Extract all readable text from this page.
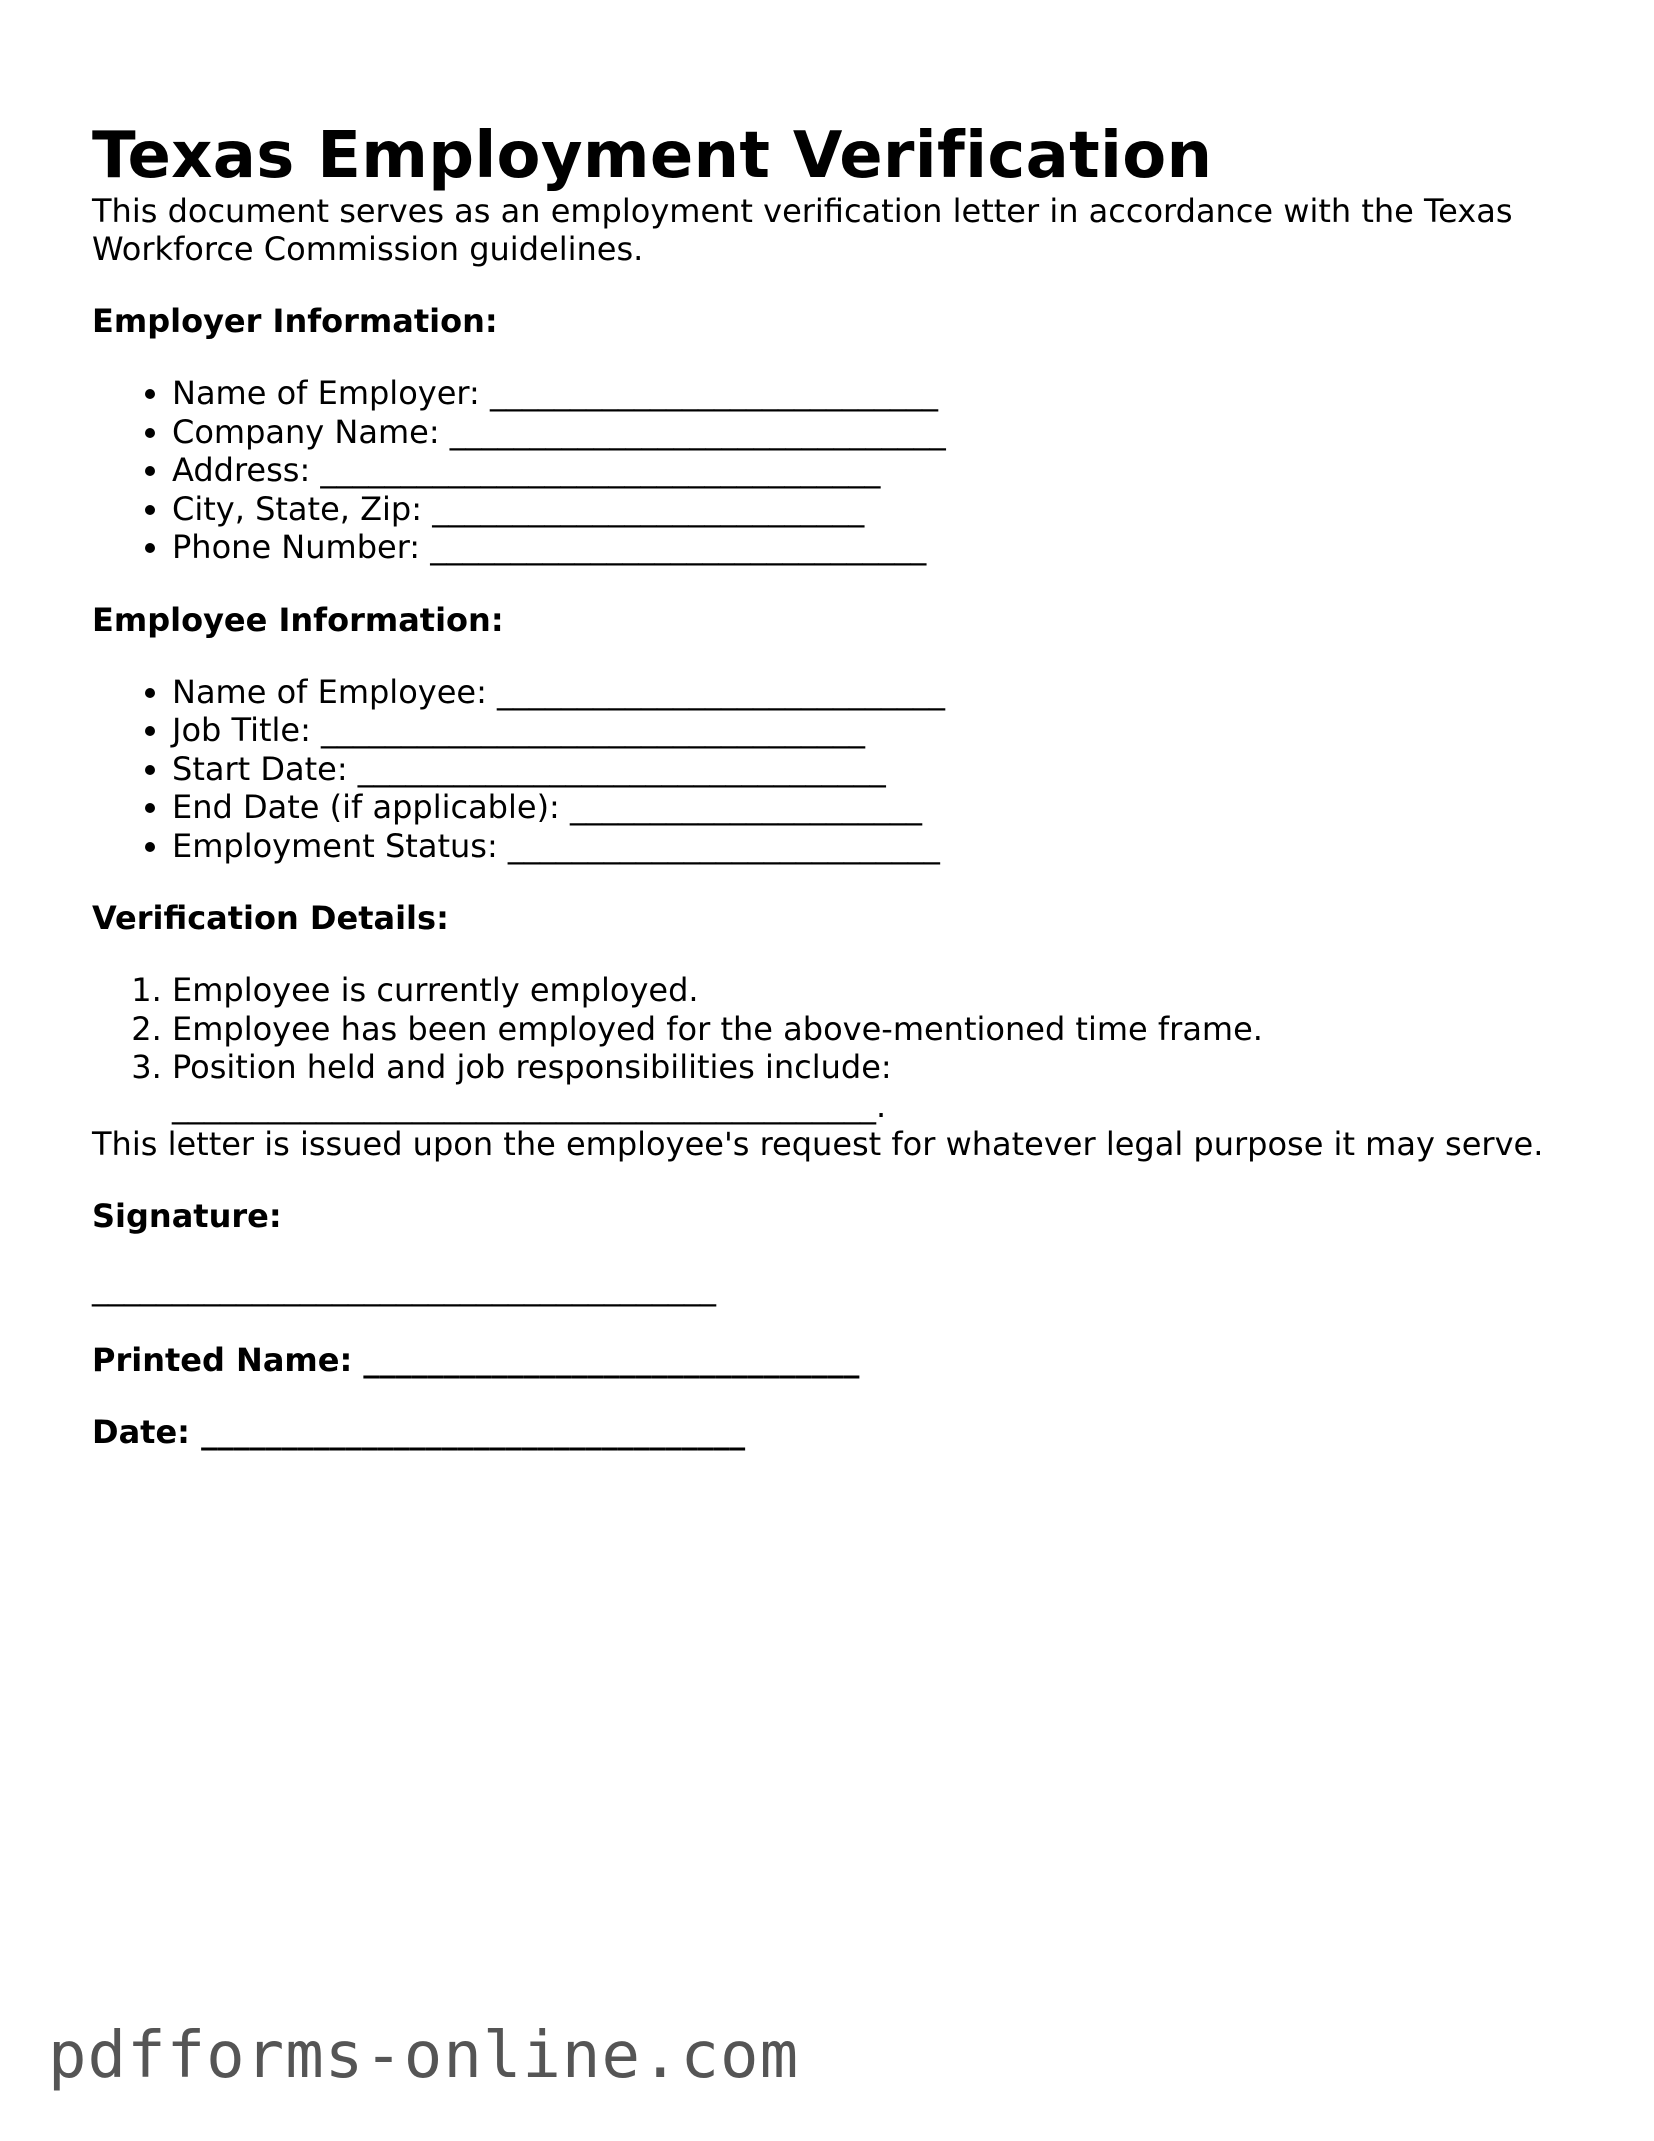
Texas Employment Verification

This document serves as an employment verification letter in accordance with the Texas Workforce Commission guidelines.

Employer Information:

• Name of Employer: ____________________________
• Company Name: _______________________________
• Address: ___________________________________
• City, State, Zip: ___________________________
• Phone Number: _______________________________

Employee Information:

• Name of Employee: ____________________________
• Job Title: __________________________________
• Start Date: _________________________________
• End Date (if applicable): ______________________
• Employment Status: ___________________________

Verification Details:

1. Employee is currently employed.
2. Employee has been employed for the above-mentioned time frame.
3. Position held and job responsibilities include: ____________________________________________.

This letter is issued upon the employee's request for whatever legal purpose it may serve.

Signature:

_______________________________________

Printed Name: _______________________________

Date: __________________________________

pdfforms-online.com
